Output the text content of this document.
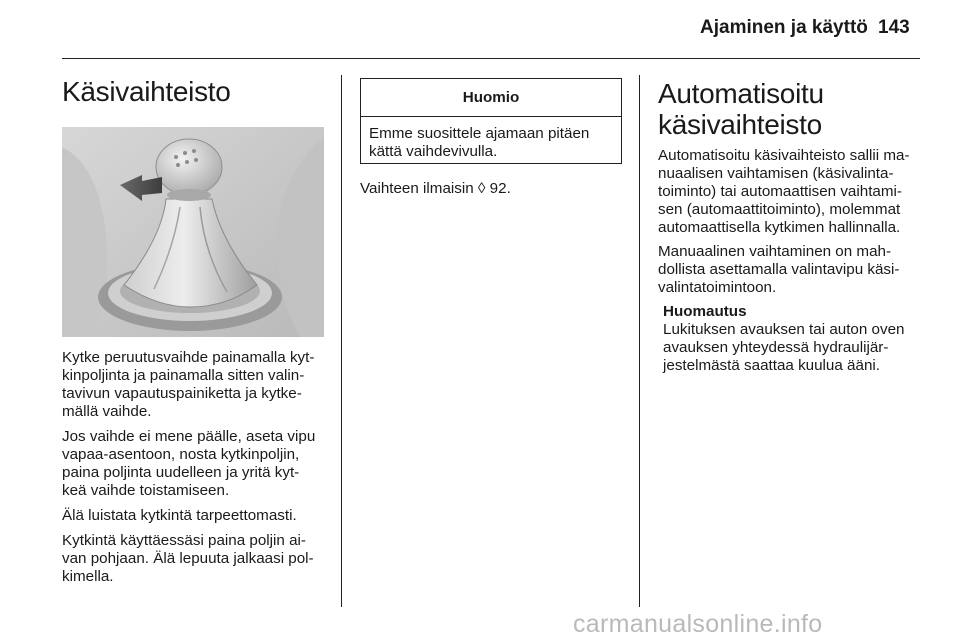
Ajaminen ja käyttö 143
Käsivaihteisto

Kytke peruutusvaihde painamalla kyt-
kinpoljinta ja painamalla sitten valin-
tavivun vapautuspainiketta ja kytke-
mällä vaihde.

Jos vaihde ei mene päälle, aseta vipu
vapaa-asentoon, nosta kytkinpoljin,
paina poljinta uudelleen ja yritä kyt-
keä vaihde toistamiseen.

Älä luistata kytkintä tarpeettomasti.

Kytkintä käyttäessäsi paina poljin ai-
van pohjaan. Älä lepuuta jalkaasi pol-
kimella.

Huomio
Emme suosittele ajamaan pitäen
kättä vaihdevivulla.

Vaihteen ilmaisin ◊ 92.

Automatisoitu
käsivaihteisto

Automatisoitu käsivaihteisto sallii ma-
nuaalisen vaihtamisen (käsivalinta-
toiminto) tai automaattisen vaihtami-
sen (automaattitoiminto), molemmat
automaattisella kytkimen hallinnalla.

Manuaalinen vaihtaminen on mah-
dollista asettamalla valintavipu käsi-
valintatoimintoon.

Huomautus

Lukituksen avauksen tai auton oven
avauksen yhteydessä hydraulijär-
jestelmästä saattaa kuulua ääni.

carmanualsonline.info
